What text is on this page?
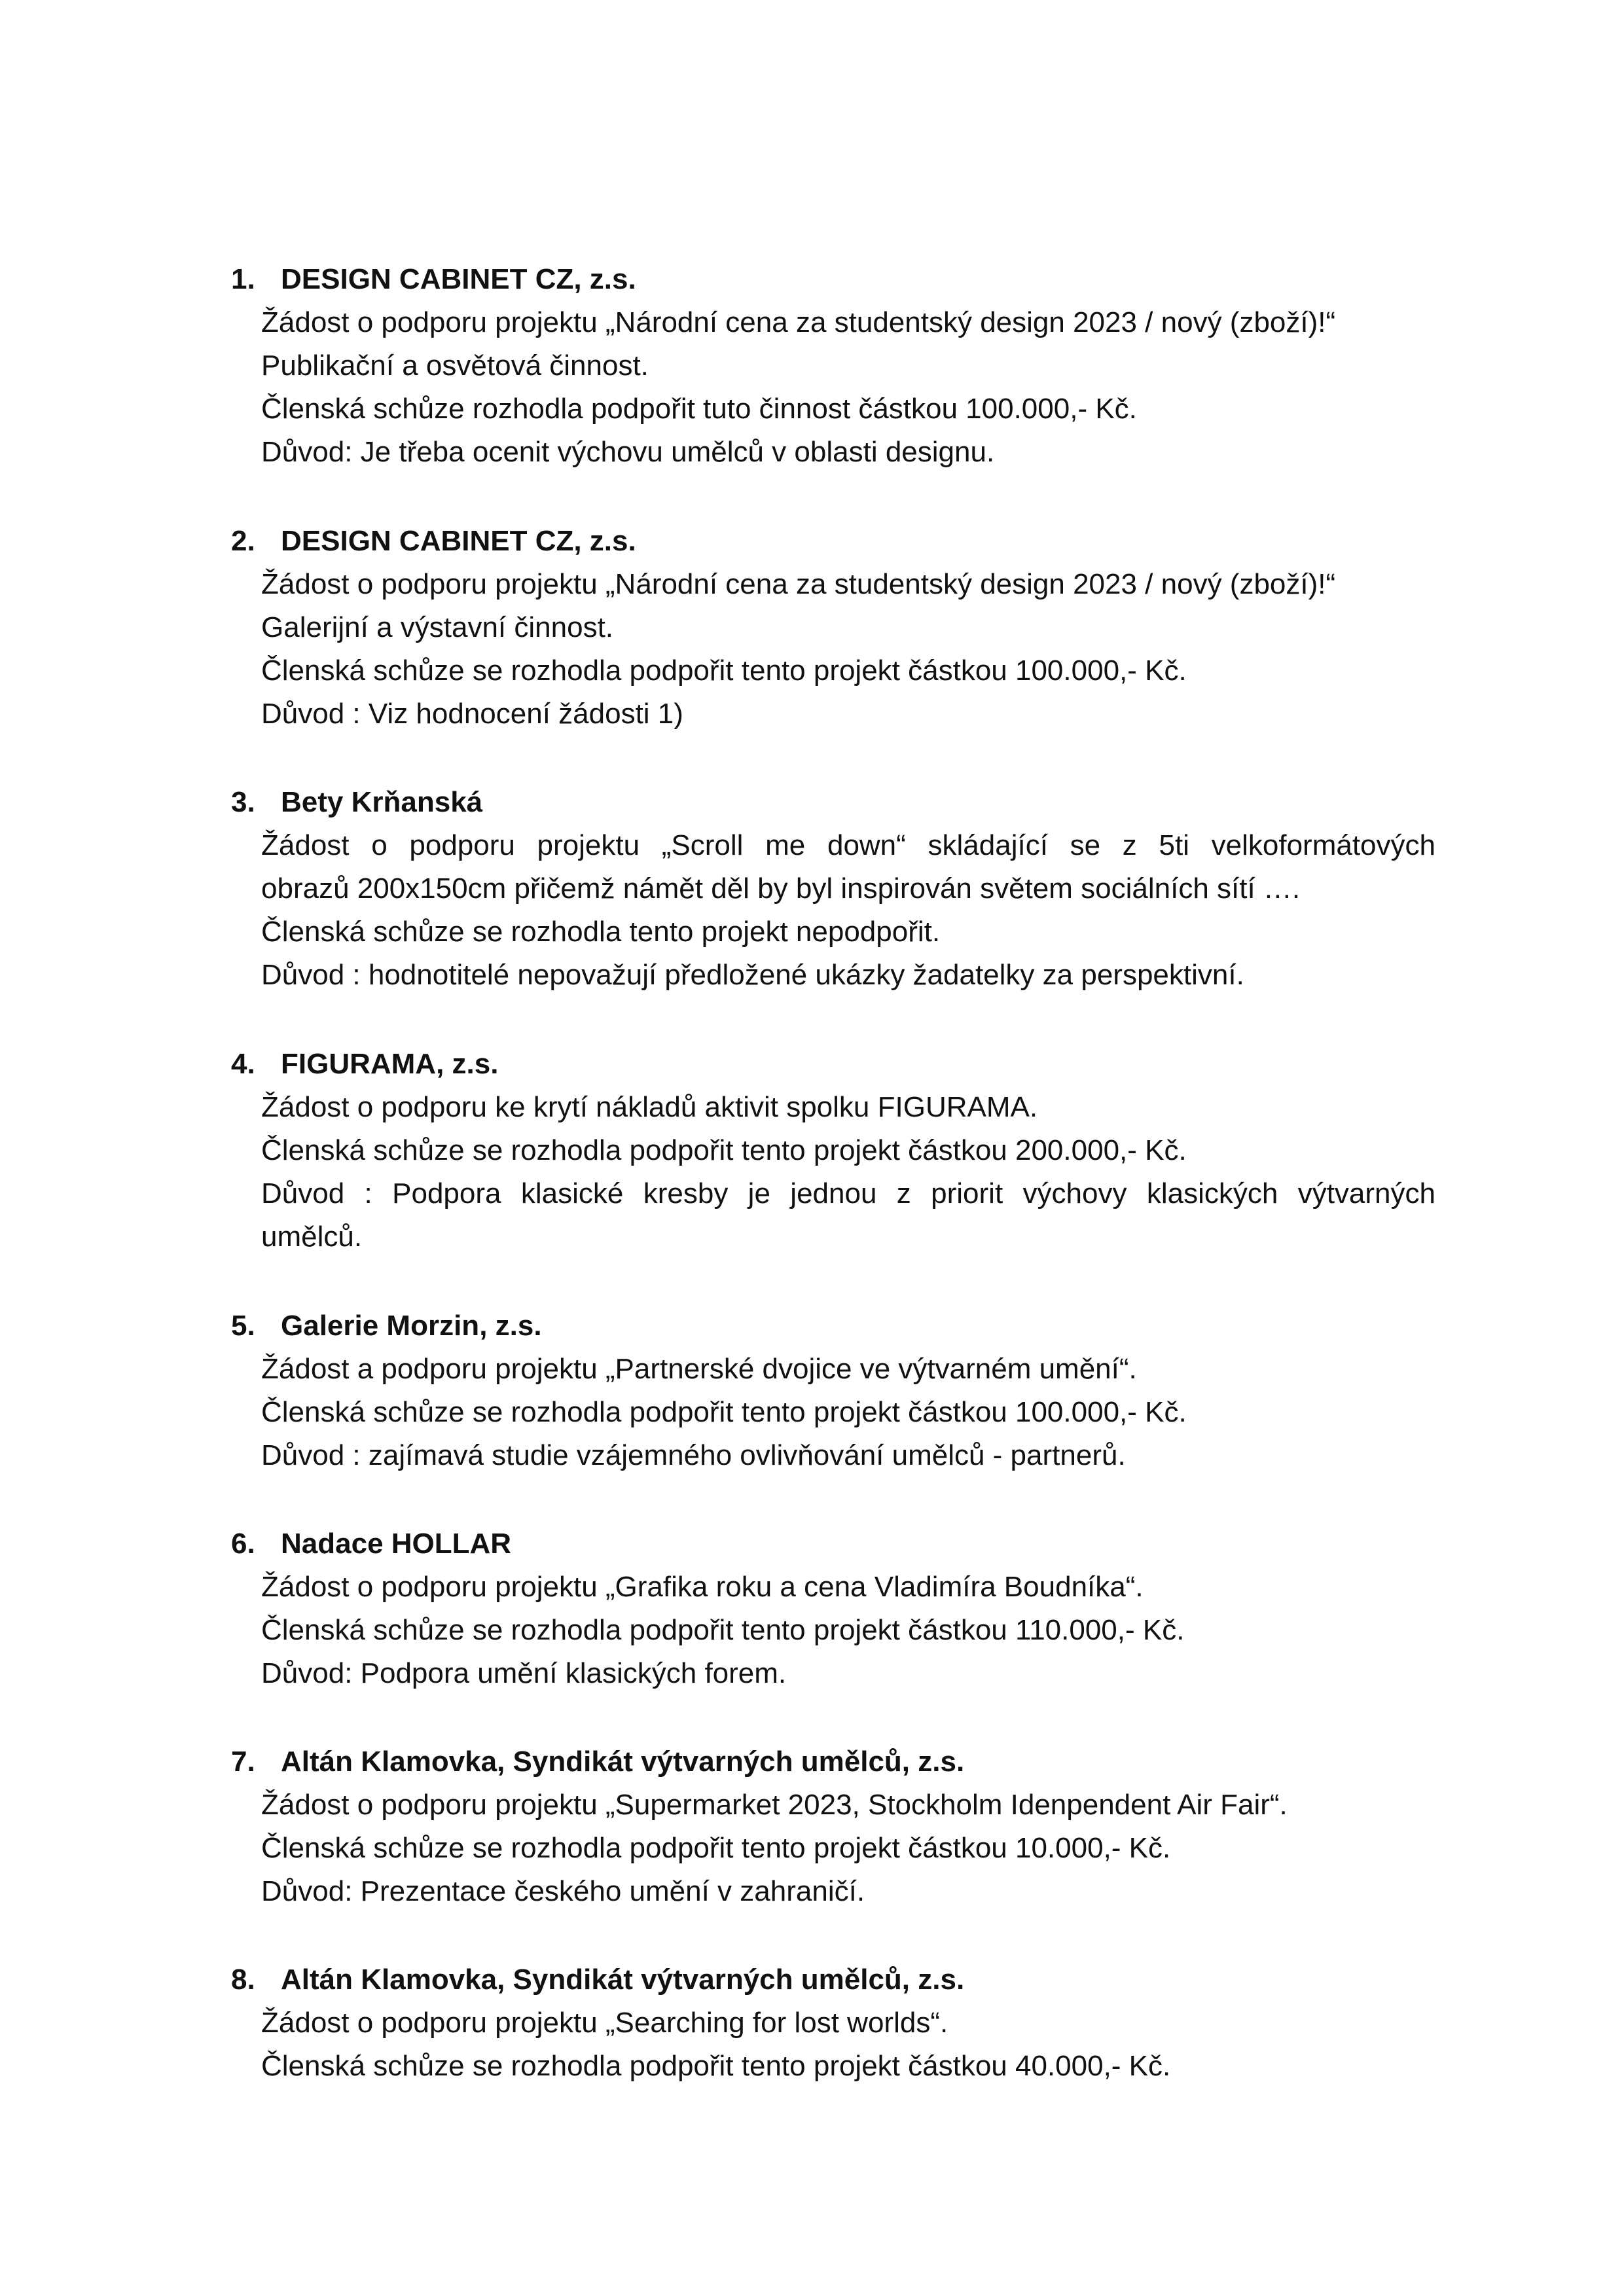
1. DESIGN CABINET CZ, z.s.
Žádost o podporu projektu „Národní cena za studentský design 2023 / nový (zboží)!“
Publikační a osvětová činnost.
Členská schůze rozhodla podpořit tuto činnost částkou 100.000,- Kč.
Důvod: Je třeba ocenit výchovu umělců v oblasti designu.
2. DESIGN CABINET CZ, z.s.
Žádost o podporu projektu „Národní cena za studentský design 2023 / nový (zboží)!“
Galerijní a výstavní činnost.
Členská schůze se rozhodla podpořit tento projekt částkou 100.000,- Kč.
Důvod : Viz hodnocení žádosti 1)
3. Bety Krňanská
Žádost o podporu projektu „Scroll me down“ skládající se z 5ti velkoformátových
obrazů 200x150cm přičemž námět děl by byl inspirován světem sociálních sítí ….
Členská schůze se rozhodla tento projekt nepodpořit.
Důvod : hodnotitelé nepovažují předložené ukázky žadatelky za perspektivní.
4. FIGURAMA, z.s.
Žádost o podporu ke krytí nákladů aktivit spolku FIGURAMA.
Členská schůze se rozhodla podpořit tento projekt částkou 200.000,- Kč.
Důvod : Podpora klasické kresby je jednou z priorit výchovy klasických výtvarných
umělců.
5. Galerie Morzin, z.s.
Žádost a podporu projektu „Partnerské dvojice ve výtvarném umění“.
Členská schůze se rozhodla podpořit tento projekt částkou 100.000,- Kč.
Důvod : zajímavá studie vzájemného ovlivňování umělců - partnerů.
6. Nadace HOLLAR
Žádost o podporu projektu „Grafika roku a cena Vladimíra Boudníka“.
Členská schůze se rozhodla podpořit tento projekt částkou 110.000,- Kč.
Důvod: Podpora umění klasických forem.
7. Altán Klamovka, Syndikát výtvarných umělců, z.s.
Žádost o podporu projektu „Supermarket 2023, Stockholm Idenpendent Air Fair“.
Členská schůze se rozhodla podpořit tento projekt částkou 10.000,- Kč.
Důvod: Prezentace českého umění v zahraničí.
8. Altán Klamovka, Syndikát výtvarných umělců, z.s.
Žádost o podporu projektu „Searching for lost worlds“.
Členská schůze se rozhodla podpořit tento projekt částkou 40.000,- Kč.
